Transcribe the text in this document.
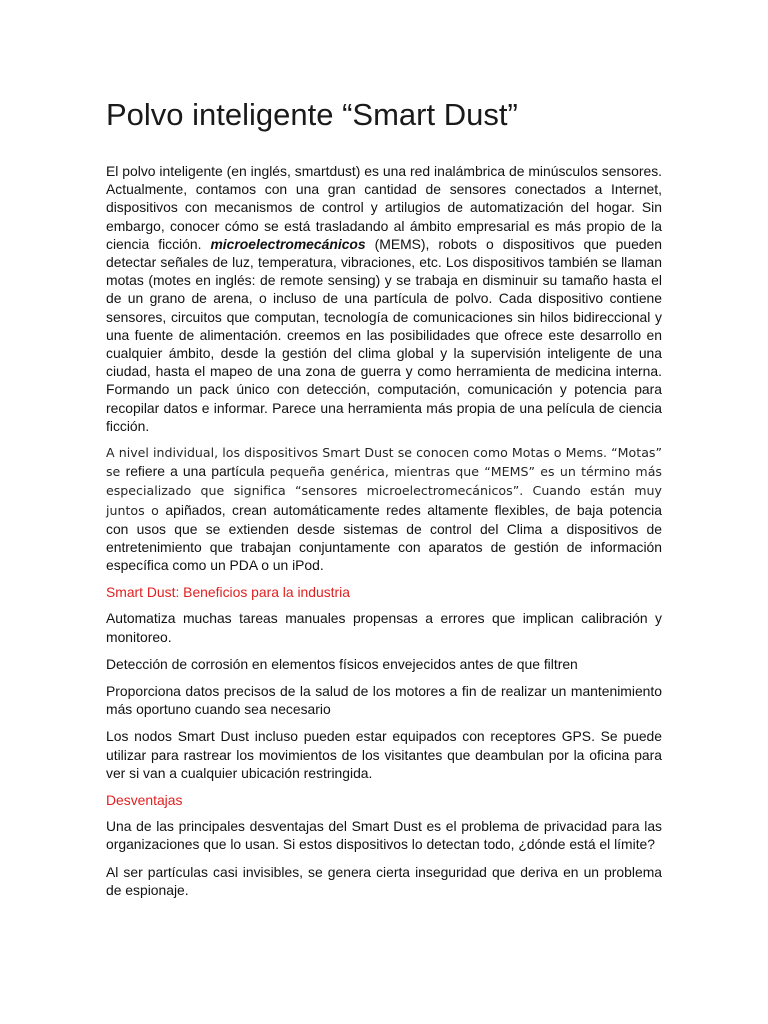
Polvo inteligente “Smart Dust”

El polvo inteligente (en inglés, smartdust) es una red inalámbrica de minúsculos sensores. Actualmente, contamos con una gran cantidad de sensores conectados a Internet, dispositivos con mecanismos de control y artilugios de automatización del hogar. Sin embargo, conocer cómo se está trasladando al ámbito empresarial es más propio de la ciencia ficción. microelectromecánicos (MEMS), robots o dispositivos que pueden detectar señales de luz, temperatura, vibraciones, etc. Los dispositivos también se llaman motas (motes en inglés: de remote sensing) y se trabaja en disminuir su tamaño hasta el de un grano de arena, o incluso de una partícula de polvo. Cada dispositivo contiene sensores, circuitos que computan, tecnología de comunicaciones sin hilos bidireccional y una fuente de alimentación. creemos en las posibilidades que ofrece este desarrollo en cualquier ámbito, desde la gestión del clima global y la supervisión inteligente de una ciudad, hasta el mapeo de una zona de guerra y como herramienta de medicina interna. Formando un pack único con detección, computación, comunicación y potencia para recopilar datos e informar. Parece una herramienta más propia de una película de ciencia ficción.

A nivel individual, los dispositivos Smart Dust se conocen como Motas o Mems. “Motas” se refiere a una partícula pequeña genérica, mientras que “MEMS” es un término más especializado que significa “sensores microelectromecánicos”. Cuando están muy juntos o apiñados, crean automáticamente redes altamente flexibles, de baja potencia con usos que se extienden desde sistemas de control del Clima a dispositivos de entretenimiento que trabajan conjuntamente con aparatos de gestión de información específica como un PDA o un iPod.

Smart Dust: Beneficios para la industria

Automatiza muchas tareas manuales propensas a errores que implican calibración y monitoreo.

Detección de corrosión en elementos físicos envejecidos antes de que filtren

Proporciona datos precisos de la salud de los motores a fin de realizar un mantenimiento más oportuno cuando sea necesario

Los nodos Smart Dust incluso pueden estar equipados con receptores GPS. Se puede utilizar para rastrear los movimientos de los visitantes que deambulan por la oficina para ver si van a cualquier ubicación restringida.

Desventajas

Una de las principales desventajas del Smart Dust es el problema de privacidad para las organizaciones que lo usan. Si estos dispositivos lo detectan todo, ¿dónde está el límite?

Al ser partículas casi invisibles, se genera cierta inseguridad que deriva en un problema de espionaje.
